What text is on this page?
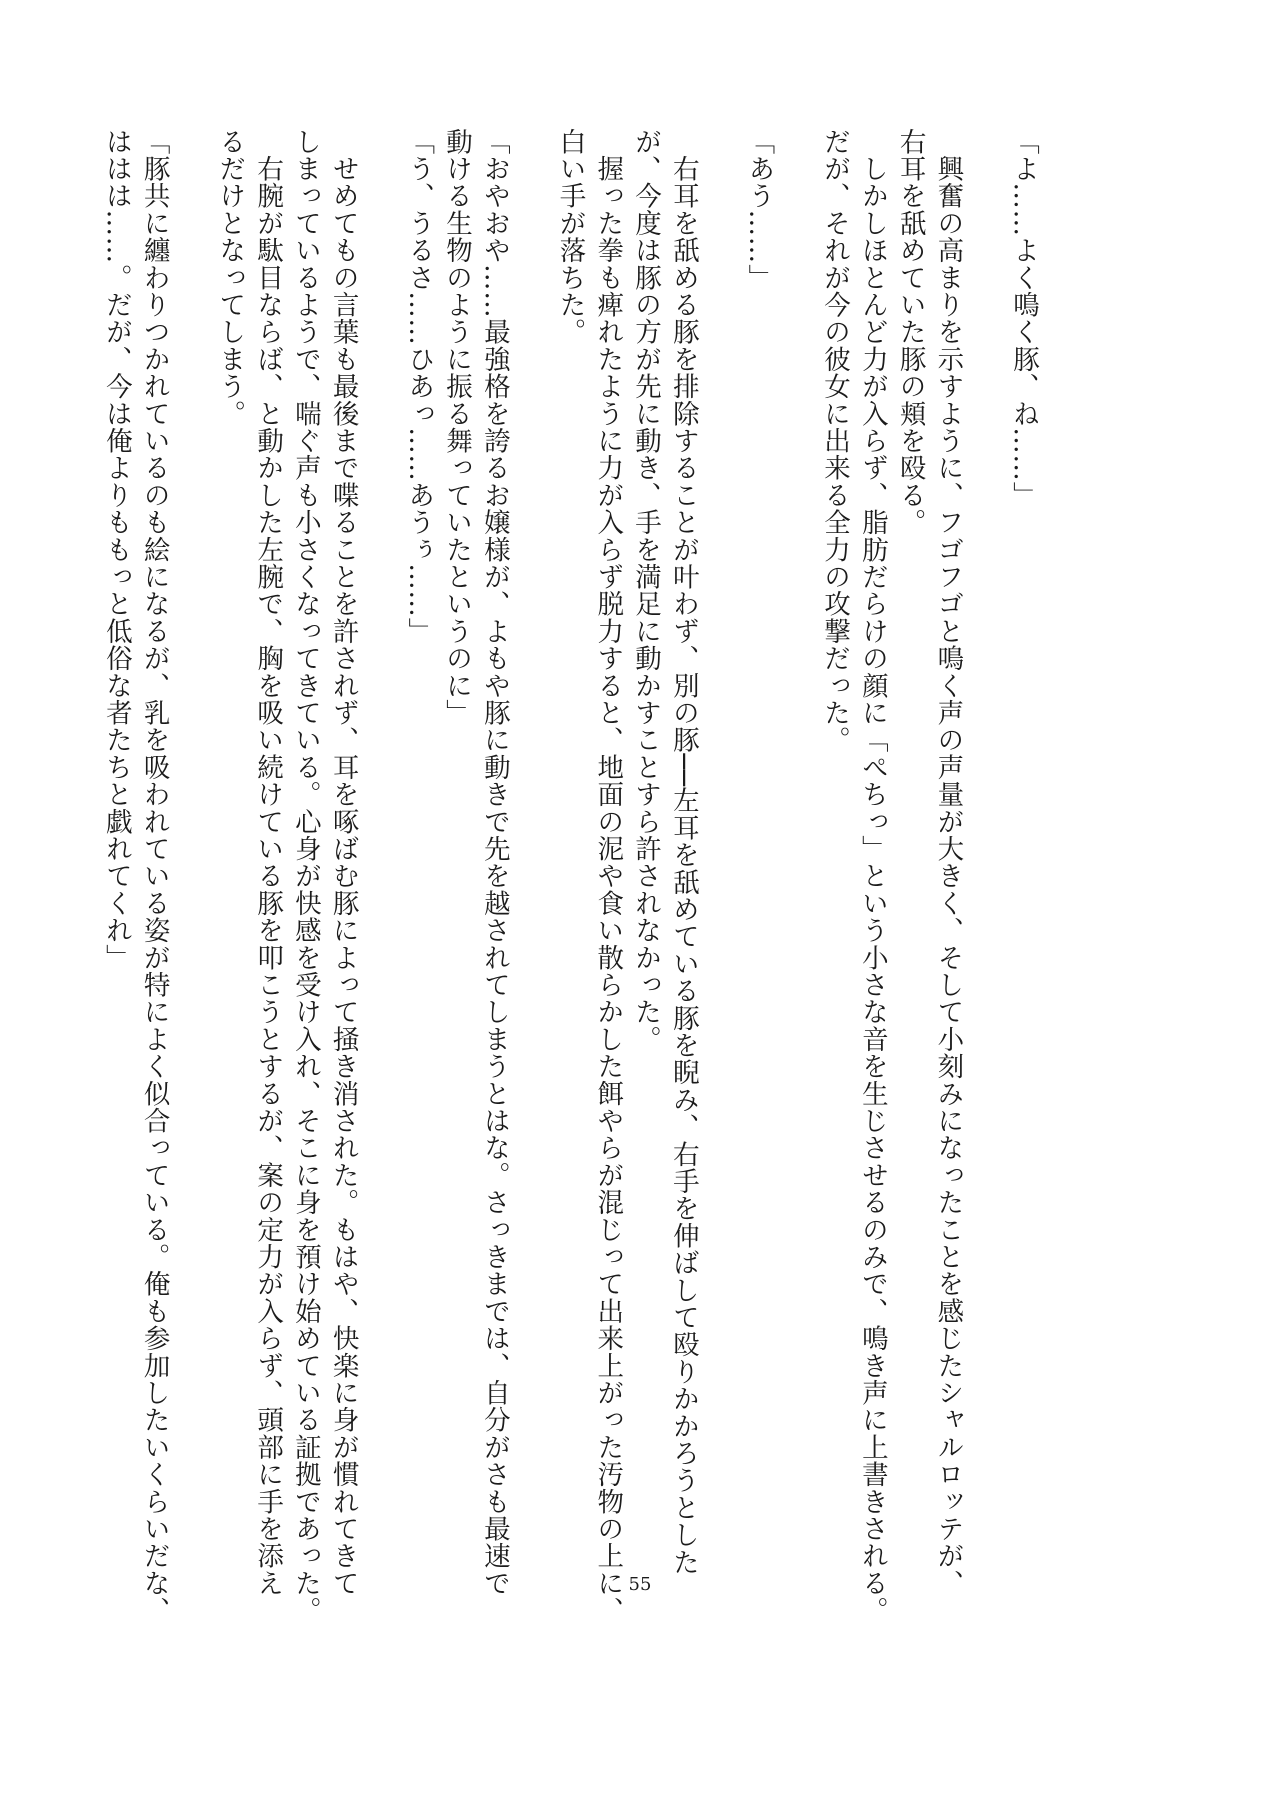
「よ……よく鳴く豚、ね……」
　興奮の高まりを示すように、フゴフゴと鳴く声の声量が大きく、そして小刻みになったことを感じたシャルロッテが、
右耳を舐めていた豚の頬を殴る。
　しかしほとんど力が入らず、脂肪だらけの顔に「ぺちっ」という小さな音を生じさせるのみで、鳴き声に上書きされる。
だが、それが今の彼女に出来る全力の攻撃だった。
「あう……」
　右耳を舐める豚を排除することが叶わず、別の豚──左耳を舐めている豚を睨み、右手を伸ばして殴りかかろうとした
が、今度は豚の方が先に動き、手を満足に動かすことすら許されなかった。
　握った拳も痺れたように力が入らず脱力すると、地面の泥や食い散らかした餌やらが混じって出来上がった汚物の上に、
白い手が落ちた。
「おやおや……最強格を誇るお嬢様が、よもや豚に動きで先を越されてしまうとはな。さっきまでは、自分がさも最速で
動ける生物のように振る舞っていたというのに」
「う、うるさ……ひあっ……あうぅ……」
　せめてもの言葉も最後まで喋ることを許されず、耳を啄ばむ豚によって掻き消された。もはや、快楽に身が慣れてきて
しまっているようで、喘ぐ声も小さくなってきている。心身が快感を受け入れ、そこに身を預け始めている証拠であった。
　右腕が駄目ならば、と動かした左腕で、胸を吸い続けている豚を叩こうとするが、案の定力が入らず、頭部に手を添え
るだけとなってしまう。
「豚共に纏わりつかれているのも絵になるが、乳を吸われている姿が特によく似合っている。俺も参加したいくらいだな、
ははは……。だが、今は俺よりももっと低俗な者たちと戯れてくれ」
55
